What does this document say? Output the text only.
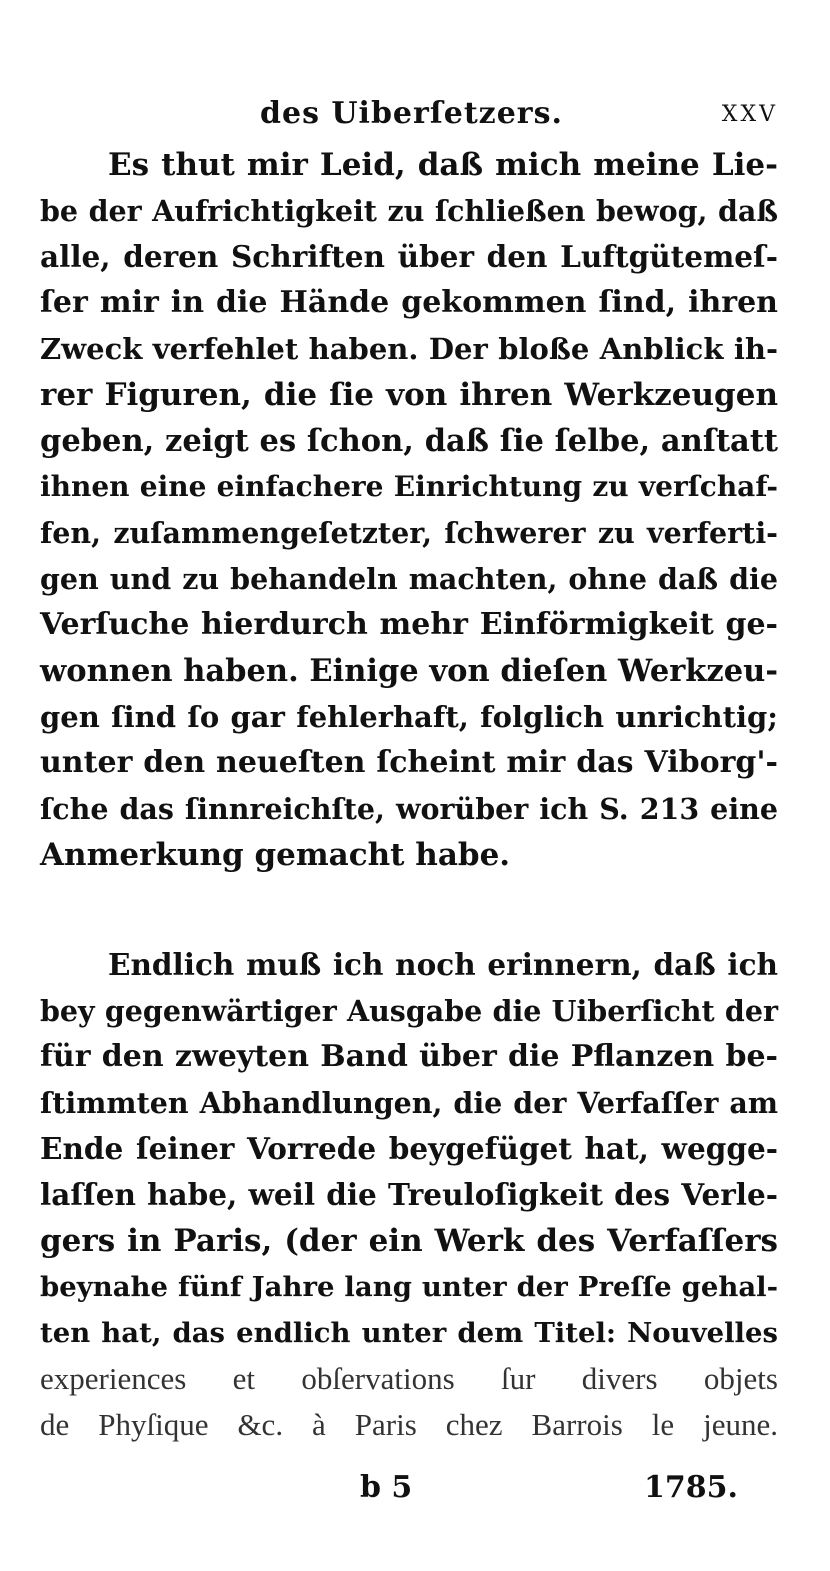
des Uiberſetzers.	XXV
Es thut mir Leid, daß mich meine Lie-
be der Aufrichtigkeit zu ſchließen bewog, daß
alle, deren Schriften über den Luftgütemeſ-
ſer mir in die Hände gekommen ſind, ihren
Zweck verfehlet haben. Der bloße Anblick ih-
rer Figuren, die ſie von ihren Werkzeugen
geben, zeigt es ſchon, daß ſie ſelbe, anſtatt
ihnen eine einfachere Einrichtung zu verſchaf-
fen, zuſammengeſetzter, ſchwerer zu verferti-
gen und zu behandeln machten, ohne daß die
Verſuche hierdurch mehr Einförmigkeit ge-
wonnen haben. Einige von dieſen Werkzeu-
gen ſind ſo gar fehlerhaft, folglich unrichtig;
unter den neueſten ſcheint mir das Viborg'-
ſche das ſinnreichſte, worüber ich S. 213 eine
Anmerkung gemacht habe.
Endlich muß ich noch erinnern, daß ich
bey gegenwärtiger Ausgabe die Uiberſicht der
für den zweyten Band über die Pflanzen be-
ſtimmten Abhandlungen, die der Verfaſſer am
Ende ſeiner Vorrede beygefüget hat, wegge-
laſſen habe, weil die Treuloſigkeit des Verle-
gers in Paris, (der ein Werk des Verfaſſers
beynahe fünf Jahre lang unter der Preſſe gehal-
ten hat, das endlich unter dem Titel: Nouvelles
experiences et obſervations ſur divers objets
de Phyſique &c. à Paris chez Barrois le jeune.
b 5	1785.
